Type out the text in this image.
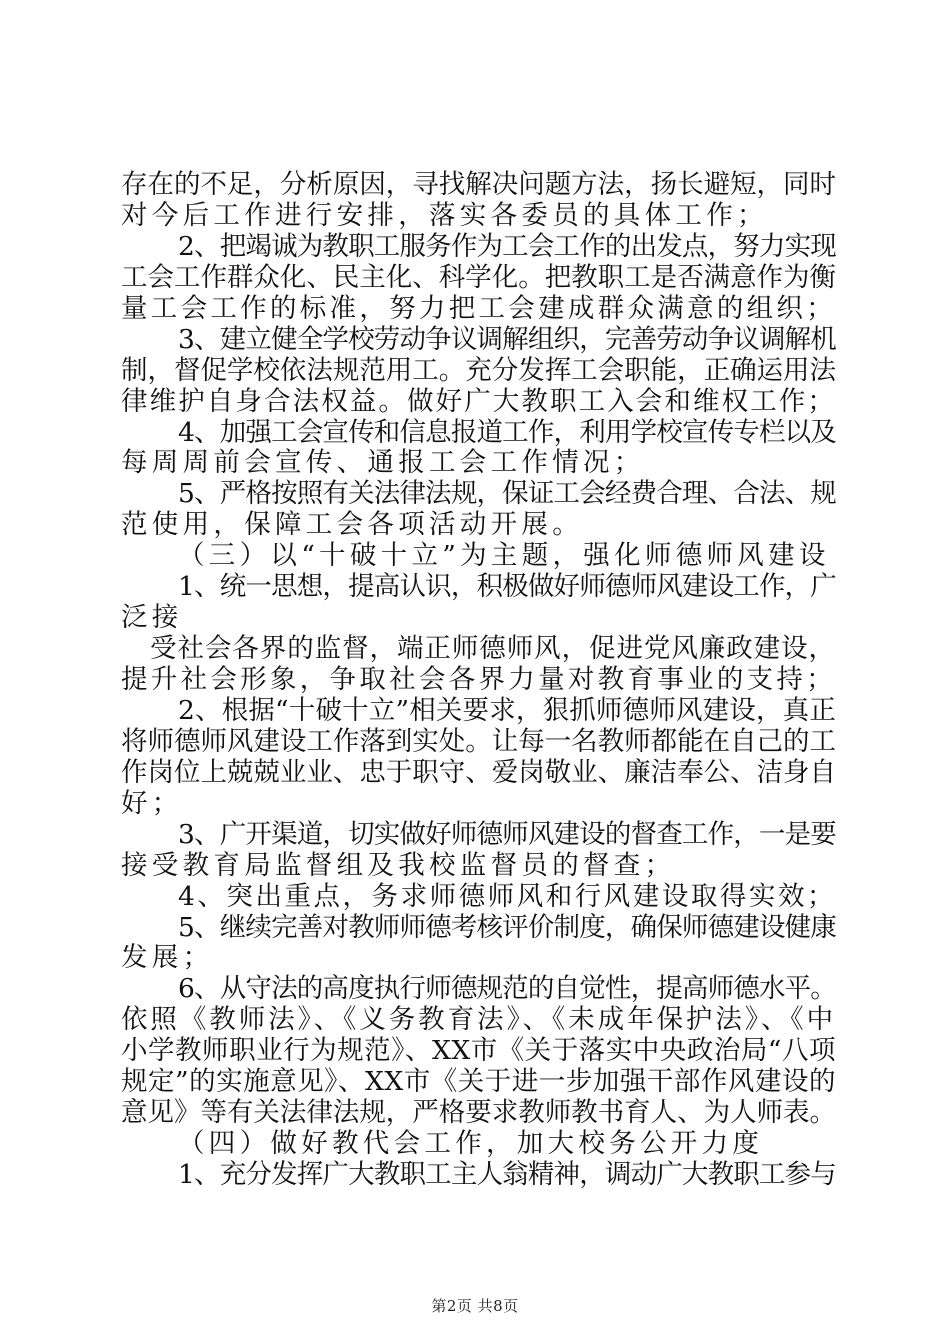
存在的不足，分析原因，寻找解决问题方法，扬长避短，同时
对今后工作进行安排，落实各委员的具体工作；
2、把竭诚为教职工服务作为工会工作的出发点，努力实现
工会工作群众化、民主化、科学化。把教职工是否满意作为衡
量工会工作的标准，努力把工会建成群众满意的组织；
3、建立健全学校劳动争议调解组织，完善劳动争议调解机
制，督促学校依法规范用工。充分发挥工会职能，正确运用法
律维护自身合法权益。做好广大教职工入会和维权工作；
4、加强工会宣传和信息报道工作，利用学校宣传专栏以及
每周周前会宣传、通报工会工作情况；
5、严格按照有关法律法规，保证工会经费合理、合法、规
范使用，保障工会各项活动开展。
（三）以“十破十立”为主题，强化师德师风建设
1、统一思想，提高认识，积极做好师德师风建设工作，广
泛接
受社会各界的监督，端正师德师风，促进党风廉政建设，
提升社会形象，争取社会各界力量对教育事业的支持；
2、根据“十破十立”相关要求，狠抓师德师风建设，真正
将师德师风建设工作落到实处。让每一名教师都能在自己的工
作岗位上兢兢业业、忠于职守、爱岗敬业、廉洁奉公、洁身自
好；
3、广开渠道，切实做好师德师风建设的督查工作，一是要
接受教育局监督组及我校监督员的督查；
4、突出重点，务求师德师风和行风建设取得实效；
5、继续完善对教师师德考核评价制度，确保师德建设健康
发展；
6、从守法的高度执行师德规范的自觉性，提高师德水平。
依照《教师法》、《义务教育法》、《未成年保护法》、《中
小学教师职业行为规范》、XX市《关于落实中央政治局“八项
规定”的实施意见》、XX市《关于进一步加强干部作风建设的
意见》等有关法律法规，严格要求教师教书育人、为人师表。
（四）做好教代会工作，加大校务公开力度
1、充分发挥广大教职工主人翁精神，调动广大教职工参与
第2页 共8页
